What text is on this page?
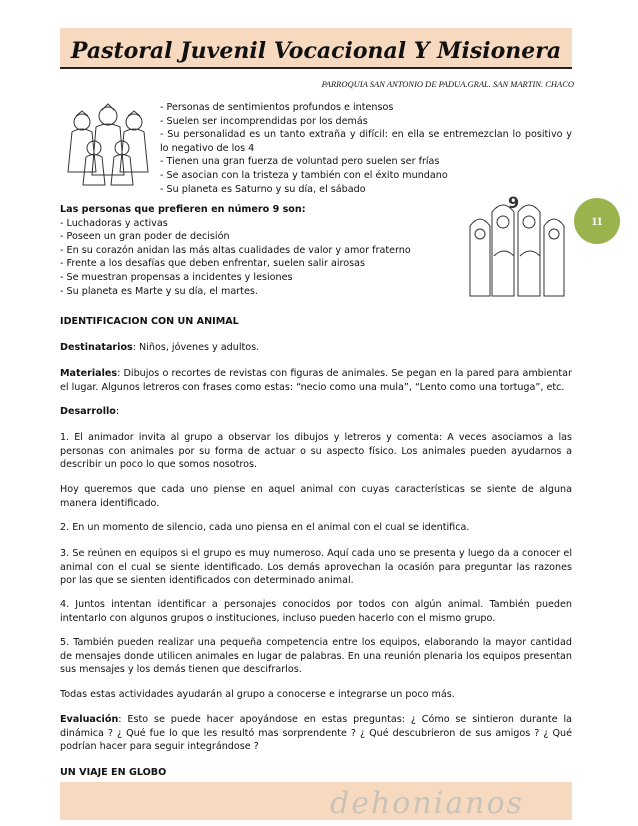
Pastoral Juvenil Vocacional Y Misionera
PARROQUIA SAN ANTONIO DE PADUA.GRAL. SAN MARTIN. CHACO
11
- Personas de sentimientos profundos e intensos
- Suelen ser incomprendidas por los demás
- Su personalidad es un tanto extraña y difícil: en ella se entremezclan lo positivo y lo negativo de los 4
- Tienen una gran fuerza de voluntad pero suelen ser frías
- Se asocian con la tristeza y también con el éxito mundano
- Su planeta es Saturno y su día, el sábado
9
Las personas que prefieren en número 9 son:
- Luchadoras y activas
- Poseen un gran poder de decisión
- En su corazón anidan las más altas cualidades de valor y amor fraterno
- Frente a los desafías que deben enfrentar, suelen salir airosas
- Se muestran propensas a incidentes y lesiones
- Su planeta es Marte y su día, el martes.
IDENTIFICACION CON UN ANIMAL
Destinatarios: Niños, jóvenes y adultos.
Materiales: Dibujos o recortes de revistas con figuras de animales. Se pegan en la pared para ambientar el lugar. Algunos letreros con frases como estas: “necio como una mula”, “Lento como una tortuga”, etc.
Desarrollo:
1. El animador invita al grupo a observar los dibujos y letreros y comenta: A veces asociamos a las personas con animales por su forma de actuar o su aspecto físico. Los animales pueden ayudarnos a describir un poco lo que somos nosotros.
Hoy queremos que cada uno piense en aquel animal con cuyas características se siente de alguna manera identificado.
2. En un momento de silencio, cada uno piensa en el animal con el cual se identifica.
3. Se reúnen en equipos si el grupo es muy numeroso. Aquí cada uno se presenta y luego da a conocer el animal con el cual se siente identificado. Los demás aprovechan la ocasión para preguntar las razones por las que se sienten identificados con determinado animal.
4. Juntos intentan identificar a personajes conocidos por todos con algún animal. También pueden intentarlo con algunos grupos o instituciones, incluso pueden hacerlo con el mismo grupo.
5. También pueden realizar una pequeña competencia entre los equipos, elaborando la mayor cantidad de mensajes donde utilicen animales en lugar de palabras. En una reunión plenaria los equipos presentan sus mensajes y los demás tienen que descifrarlos.
Todas estas actividades ayudarán al grupo a conocerse e integrarse un poco más.
Evaluación: Esto se puede hacer apoyándose en estas preguntas: ¿ Cómo se sintieron durante la dinámica ? ¿ Qué fue lo que les resultó mas sorprendente ? ¿ Qué descubrieron de sus amigos ? ¿ Qué podrían hacer para seguir integrándose ?
UN VIAJE EN GLOBO
dehonianos
